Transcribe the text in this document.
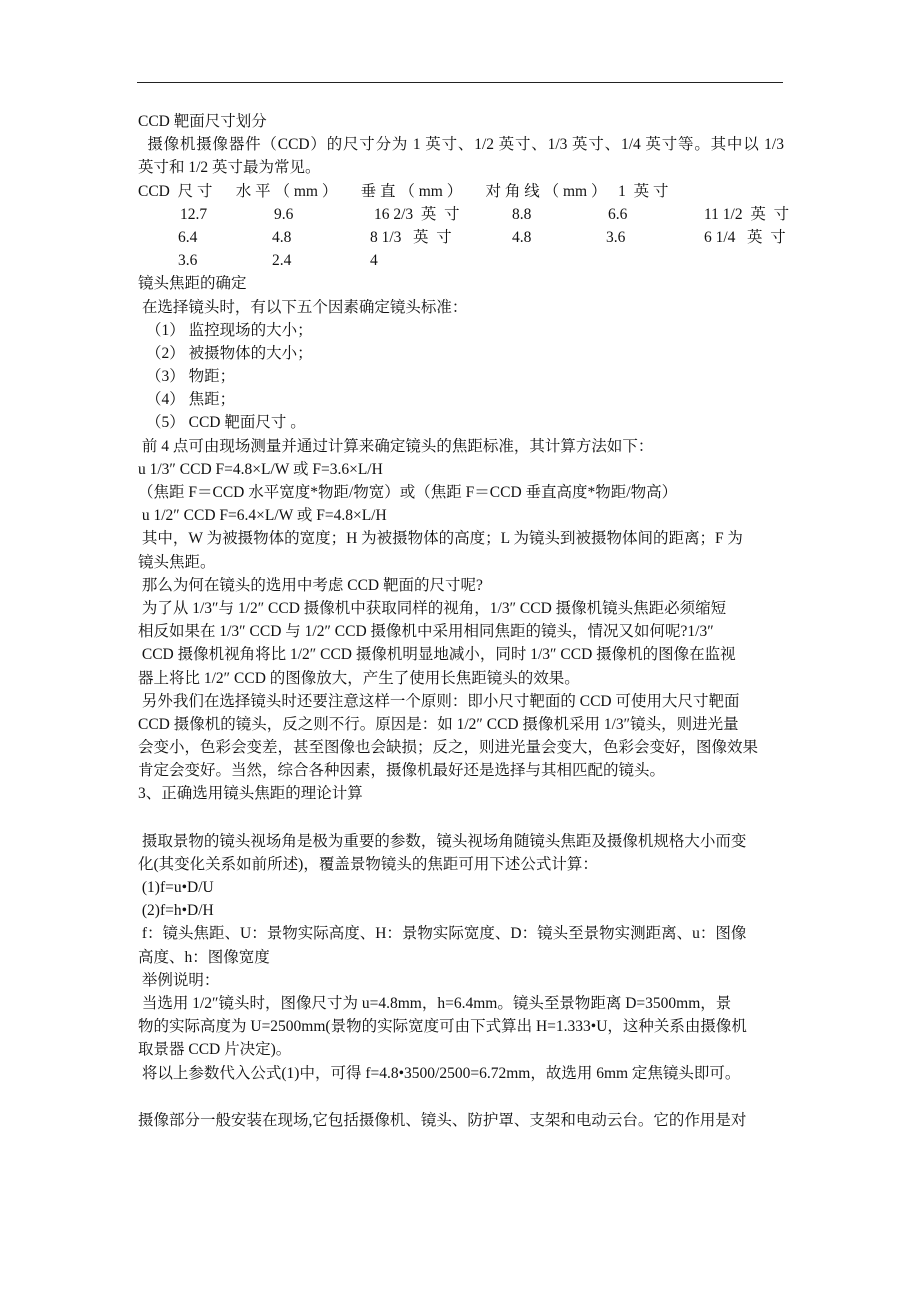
CCD 靶面尺寸划分
摄像机摄像器件（CCD）的尺寸分为 1 英寸、1/2 英寸、1/3 英寸、1/4 英寸等。其中以 1/3
英寸和 1/2 英寸最为常见。
CCD  尺 寸      水 平 （ mm ）      垂 直 （ mm ）      对 角 线 （ mm ）   1  英 寸
12.7	9.6	16 2/3  英  寸	8.8	6.6	11 1/2  英  寸
6.4	4.8	8 1/3   英  寸	4.8	3.6	6 1/4   英  寸
3.6	2.4	4
镜头焦距的确定
在选择镜头时，有以下五个因素确定镜头标准：
（1） 监控现场的大小；
（2） 被摄物体的大小；
（3） 物距；
（4） 焦距；
（5） CCD 靶面尺寸 。
前 4 点可由现场测量并通过计算来确定镜头的焦距标准，其计算方法如下：
u 1/3″ CCD F=4.8×L/W 或 F=3.6×L/H
（焦距 F＝CCD 水平宽度*物距/物宽）或（焦距 F＝CCD 垂直高度*物距/物高）
u 1/2″ CCD F=6.4×L/W 或 F=4.8×L/H
其中，W 为被摄物体的宽度；H 为被摄物体的高度；L 为镜头到被摄物体间的距离；F 为
镜头焦距。
那么为何在镜头的选用中考虑 CCD 靶面的尺寸呢?
为了从 1/3″与 1/2″ CCD 摄像机中获取同样的视角，1/3″ CCD 摄像机镜头焦距必须缩短
相反如果在 1/3″ CCD 与 1/2″ CCD 摄像机中采用相同焦距的镜头，情况又如何呢?1/3″
CCD 摄像机视角将比 1/2″ CCD 摄像机明显地减小，同时 1/3″ CCD 摄像机的图像在监视
器上将比 1/2″ CCD 的图像放大，产生了使用长焦距镜头的效果。
另外我们在选择镜头时还要注意这样一个原则：即小尺寸靶面的 CCD 可使用大尺寸靶面
CCD 摄像机的镜头，反之则不行。原因是：如 1/2″ CCD 摄像机采用 1/3″镜头，则进光量
会变小，色彩会变差，甚至图像也会缺损；反之，则进光量会变大，色彩会变好，图像效果
肯定会变好。当然，综合各种因素，摄像机最好还是选择与其相匹配的镜头。
3、正确选用镜头焦距的理论计算
摄取景物的镜头视场角是极为重要的参数，镜头视场角随镜头焦距及摄像机规格大小而变
化(其变化关系如前所述)，覆盖景物镜头的焦距可用下述公式计算：
(1)f=u•D/U
(2)f=h•D/H
f：镜头焦距、U：景物实际高度、H：景物实际宽度、D：镜头至景物实测距离、u：图像
高度、h：图像宽度
举例说明：
当选用 1/2″镜头时，图像尺寸为 u=4.8mm，h=6.4mm。镜头至景物距离 D=3500mm，景
物的实际高度为 U=2500mm(景物的实际宽度可由下式算出 H=1.333•U，这种关系由摄像机
取景器 CCD 片决定)。
将以上参数代入公式(1)中，可得 f=4.8•3500/2500=6.72mm，故选用 6mm 定焦镜头即可。
摄像部分一般安装在现场,它包括摄像机、镜头、防护罩、支架和电动云台。它的作用是对
